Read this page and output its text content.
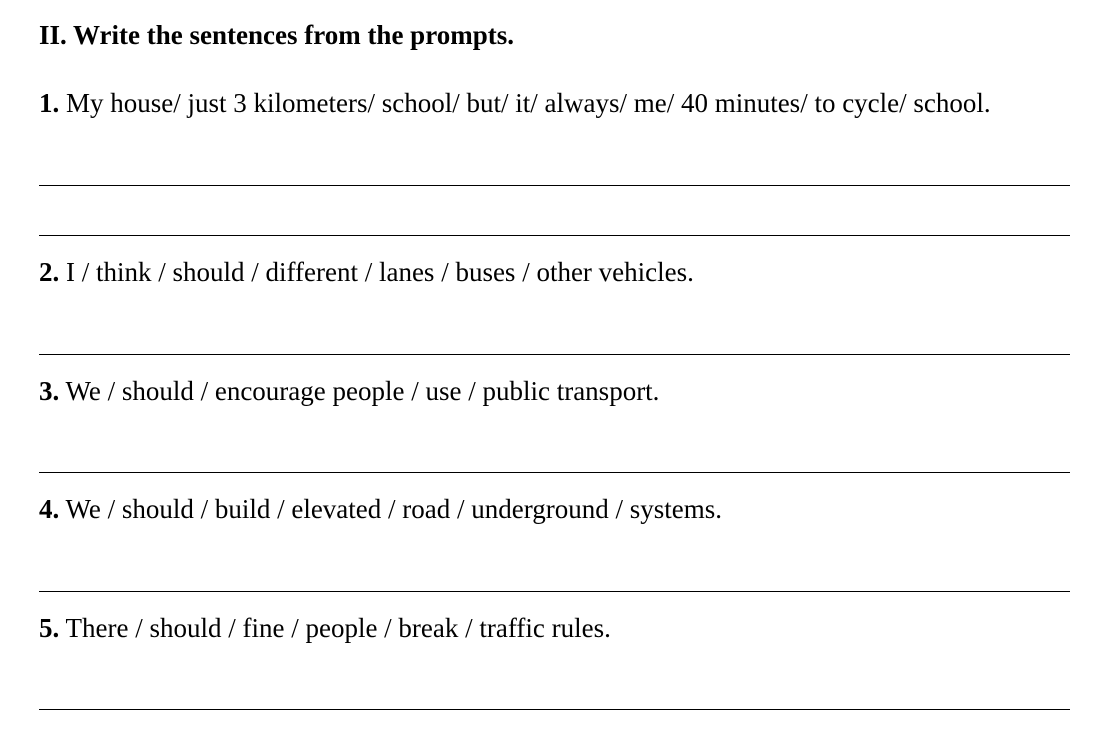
II. Write the sentences from the prompts.
1. My house/ just 3 kilometers/ school/ but/ it/ always/ me/ 40 minutes/ to cycle/ school.
2. I / think / should / different / lanes / buses / other vehicles.
3. We / should / encourage people / use / public transport.
4. We / should / build / elevated / road / underground / systems.
5. There / should / fine / people / break / traffic rules.
